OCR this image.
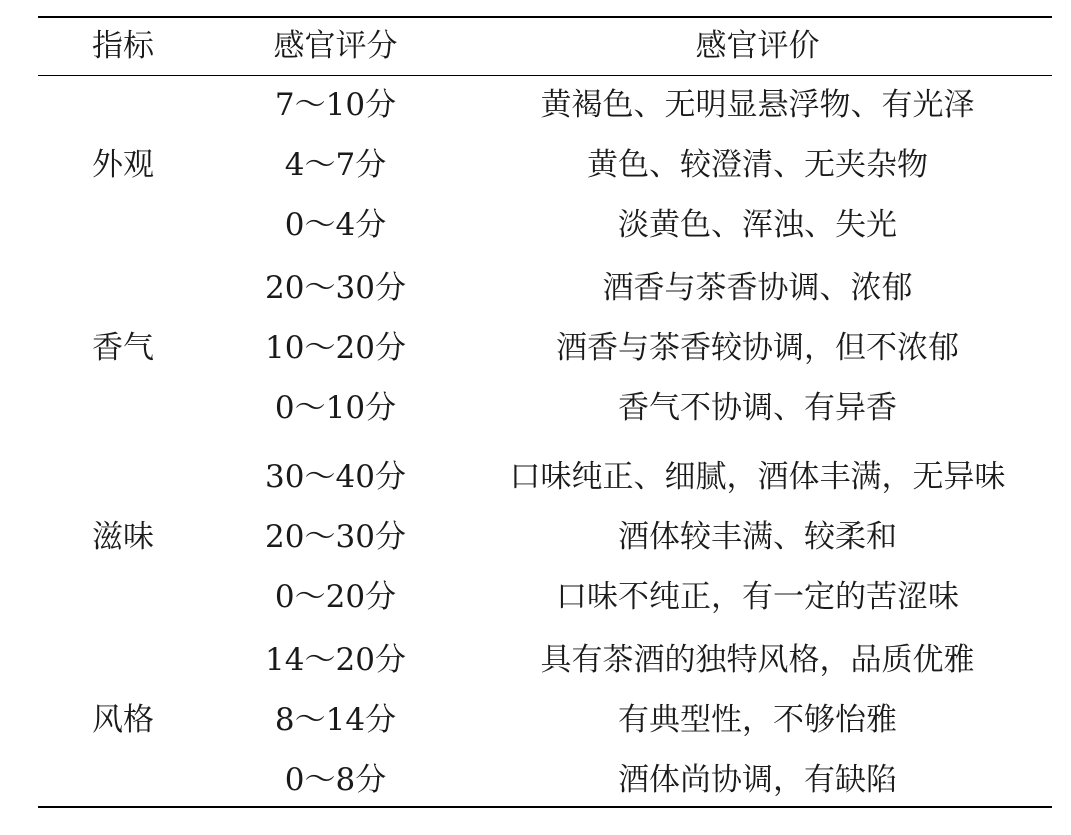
指标	感官评分	感官评价
外观
7～10分	黄褐色、无明显悬浮物、有光泽
4～7分	黄色、较澄清、无夹杂物
0～4分	淡黄色、浑浊、失光
香气
20～30分	酒香与茶香协调、浓郁
10～20分	酒香与茶香较协调，但不浓郁
0～10分	香气不协调、有异香
滋味
30～40分	口味纯正、细腻，酒体丰满，无异味
20～30分	酒体较丰满、较柔和
0～20分	口味不纯正，有一定的苦涩味
风格
14～20分	具有茶酒的独特风格，品质优雅
8～14分	有典型性，不够怡雅
0～8分	酒体尚协调，有缺陷
